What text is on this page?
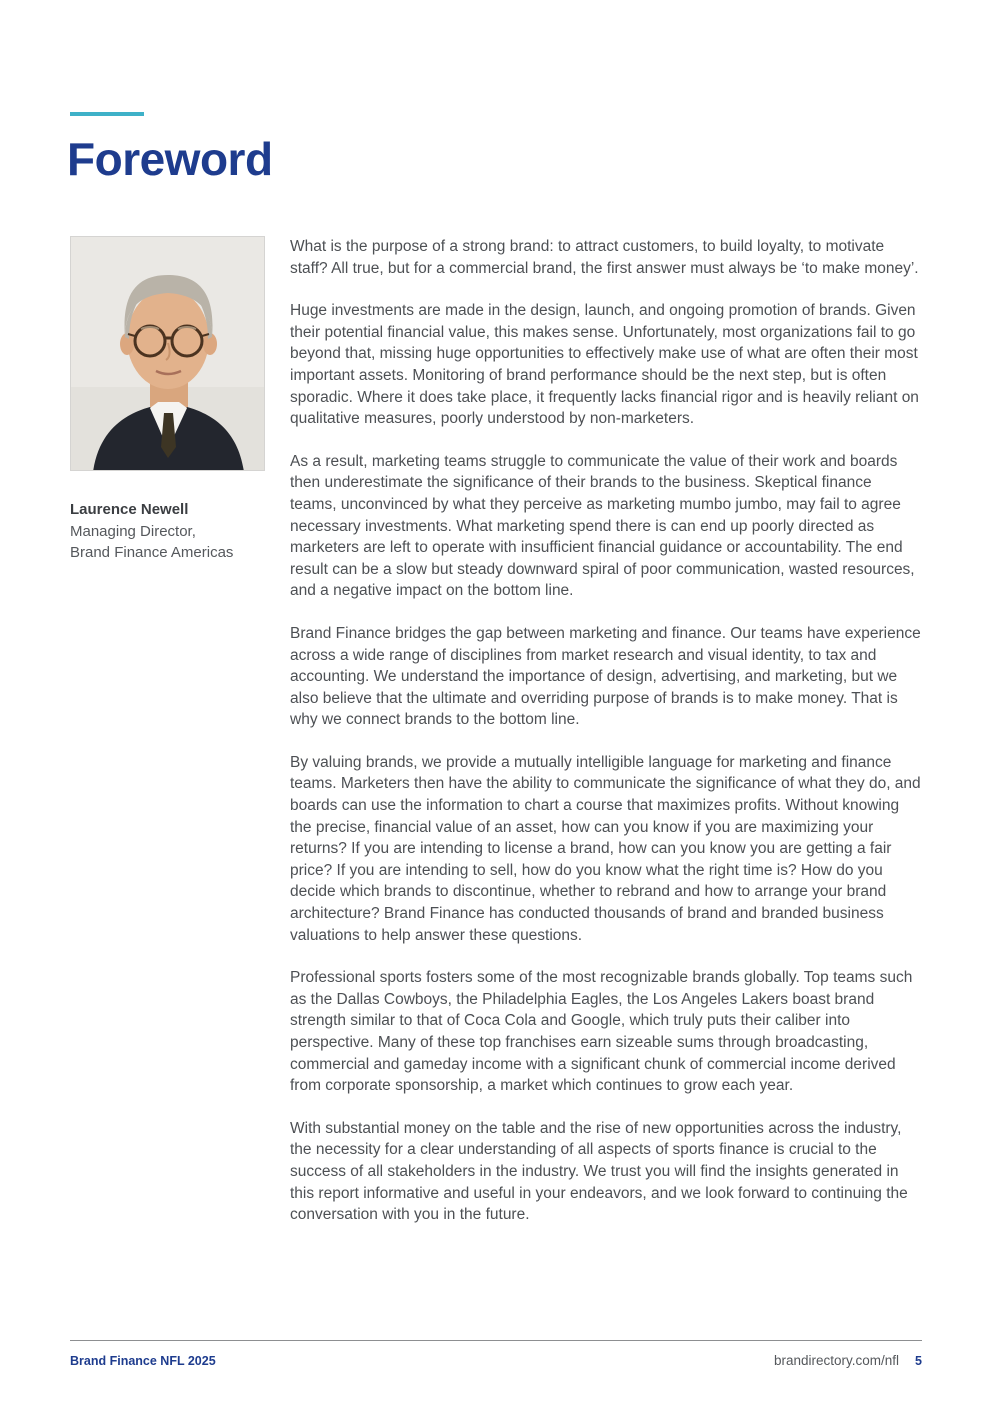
Foreword
Laurence Newell
Managing Director,
Brand Finance Americas

What is the purpose of a strong brand: to attract customers, to build loyalty, to motivate staff? All true, but for a commercial brand, the first answer must always be ‘to make money’.

Huge investments are made in the design, launch, and ongoing promotion of brands. Given their potential financial value, this makes sense. Unfortunately, most organizations fail to go beyond that, missing huge opportunities to effectively make use of what are often their most important assets. Monitoring of brand performance should be the next step, but is often sporadic. Where it does take place, it frequently lacks financial rigor and is heavily reliant on qualitative measures, poorly understood by non-marketers.

As a result, marketing teams struggle to communicate the value of their work and boards then underestimate the significance of their brands to the business. Skeptical finance teams, unconvinced by what they perceive as marketing mumbo jumbo, may fail to agree necessary investments. What marketing spend there is can end up poorly directed as marketers are left to operate with insufficient financial guidance or accountability. The end result can be a slow but steady downward spiral of poor communication, wasted resources, and a negative impact on the bottom line.

Brand Finance bridges the gap between marketing and finance. Our teams have experience across a wide range of disciplines from market research and visual identity, to tax and accounting. We understand the importance of design, advertising, and marketing, but we also believe that the ultimate and overriding purpose of brands is to make money. That is why we connect brands to the bottom line.

By valuing brands, we provide a mutually intelligible language for marketing and finance teams. Marketers then have the ability to communicate the significance of what they do, and boards can use the information to chart a course that maximizes profits. Without knowing the precise, financial value of an asset, how can you know if you are maximizing your returns? If you are intending to license a brand, how can you know you are getting a fair price? If you are intending to sell, how do you know what the right time is? How do you decide which brands to discontinue, whether to rebrand and how to arrange your brand architecture? Brand Finance has conducted thousands of brand and branded business valuations to help answer these questions.

Professional sports fosters some of the most recognizable brands globally. Top teams such as the Dallas Cowboys, the Philadelphia Eagles, the Los Angeles Lakers boast brand strength similar to that of Coca Cola and Google, which truly puts their caliber into perspective. Many of these top franchises earn sizeable sums through broadcasting, commercial and gameday income with a significant chunk of commercial income derived from corporate sponsorship, a market which continues to grow each year.

With substantial money on the table and the rise of new opportunities across the industry, the necessity for a clear understanding of all aspects of sports finance is crucial to the success of all stakeholders in the industry. We trust you will find the insights generated in this report informative and useful in your endeavors, and we look forward to continuing the conversation with you in the future.

Brand Finance NFL 2025	brandirectory.com/nfl 5
